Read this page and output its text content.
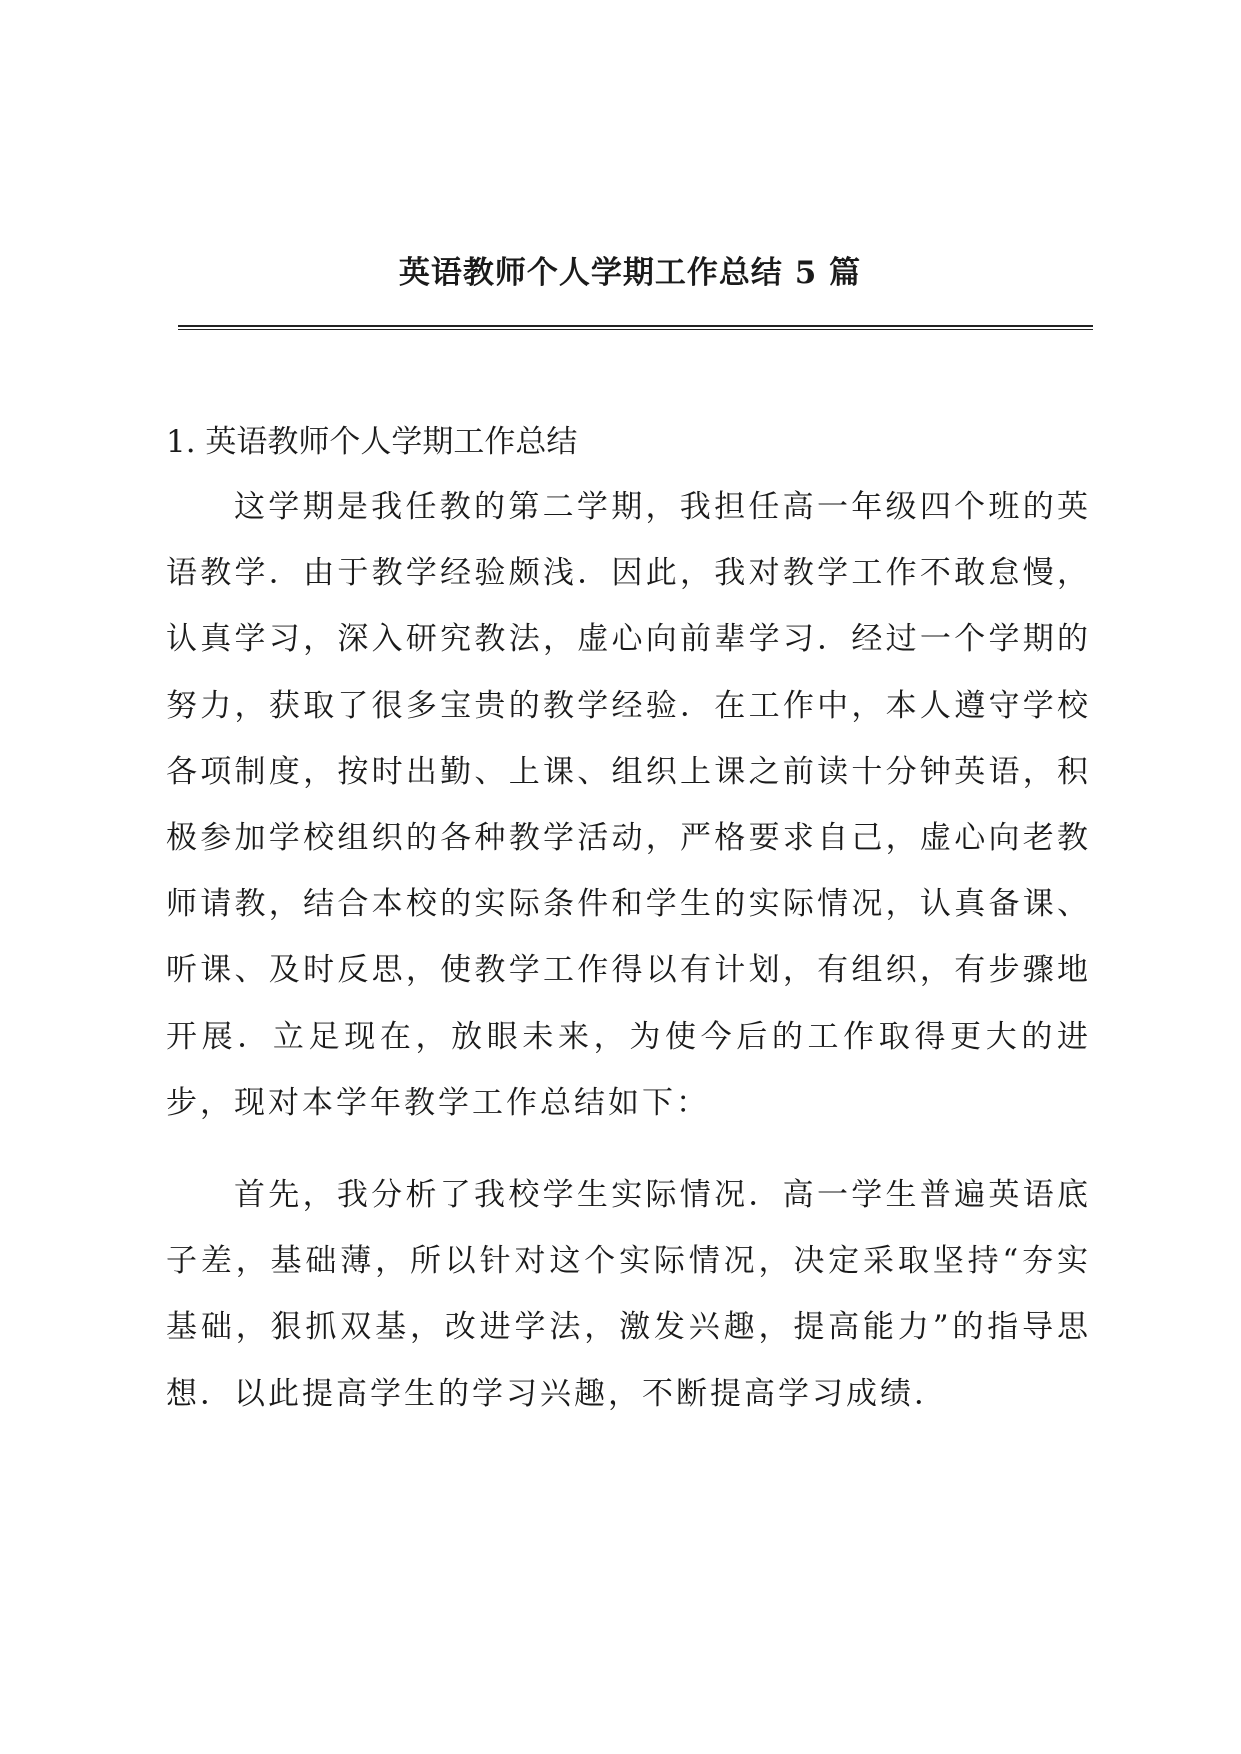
英语教师个人学期工作总结 5 篇
1. 英语教师个人学期工作总结

这学期是我任教的第二学期，我担任高一年级四个班的英语教学．由于教学经验颇浅．因此，我对教学工作不敢怠慢，认真学习，深入研究教法，虚心向前辈学习．经过一个学期的努力，获取了很多宝贵的教学经验．在工作中，本人遵守学校各项制度，按时出勤、上课、组织上课之前读十分钟英语，积极参加学校组织的各种教学活动，严格要求自己，虚心向老教师请教，结合本校的实际条件和学生的实际情况，认真备课、听课、及时反思，使教学工作得以有计划，有组织，有步骤地开展．立足现在，放眼未来，为使今后的工作取得更大的进步，现对本学年教学工作总结如下：

首先，我分析了我校学生实际情况．高一学生普遍英语底子差，基础薄，所以针对这个实际情况，决定采取坚持“夯实基础，狠抓双基，改进学法，激发兴趣，提高能力”的指导思想．以此提高学生的学习兴趣，不断提高学习成绩．
